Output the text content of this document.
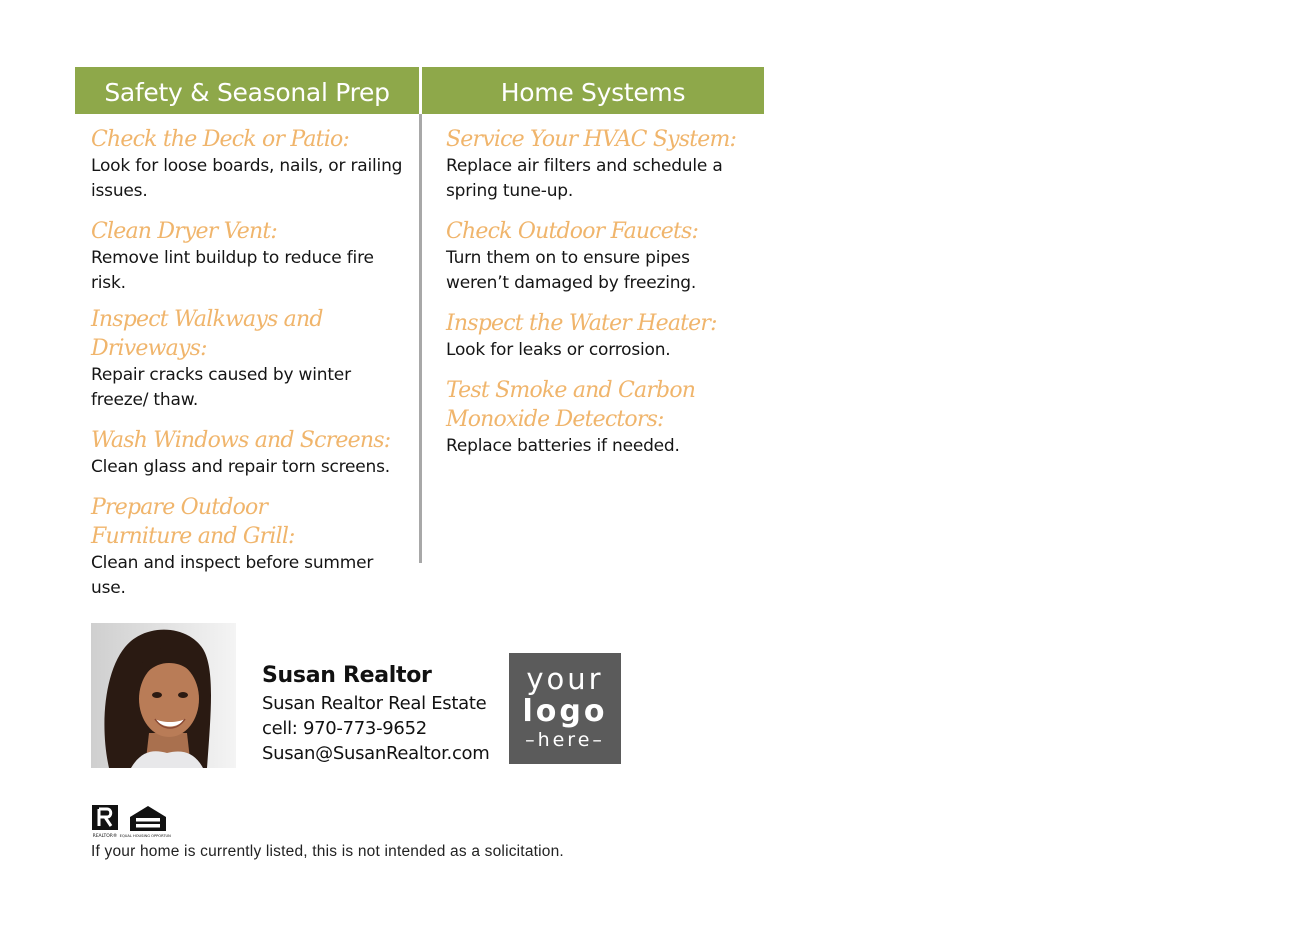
Safety & Seasonal Prep	Home Systems
Check the Deck or Patio:
Look for loose boards, nails, or railing issues.
Clean Dryer Vent:
Remove lint buildup to reduce fire risk.
Inspect Walkways and Driveways:
Repair cracks caused by winter freeze/ thaw.
Wash Windows and Screens:
Clean glass and repair torn screens.
Prepare Outdoor Furniture and Grill:
Clean and inspect before summer use.
Service Your HVAC System:
Replace air filters and schedule a spring tune-up.
Check Outdoor Faucets:
Turn them on to ensure pipes weren’t damaged by freezing.
Inspect the Water Heater:
Look for leaks or corrosion.
Test Smoke and Carbon Monoxide Detectors:
Replace batteries if needed.
Susan Realtor
Susan Realtor Real Estate
cell: 970-773-9652
Susan@SusanRealtor.com
your
logo
–here–
REALTOR® EQUAL HOUSING OPPORTUNITY
If your home is currently listed, this is not intended as a solicitation.
